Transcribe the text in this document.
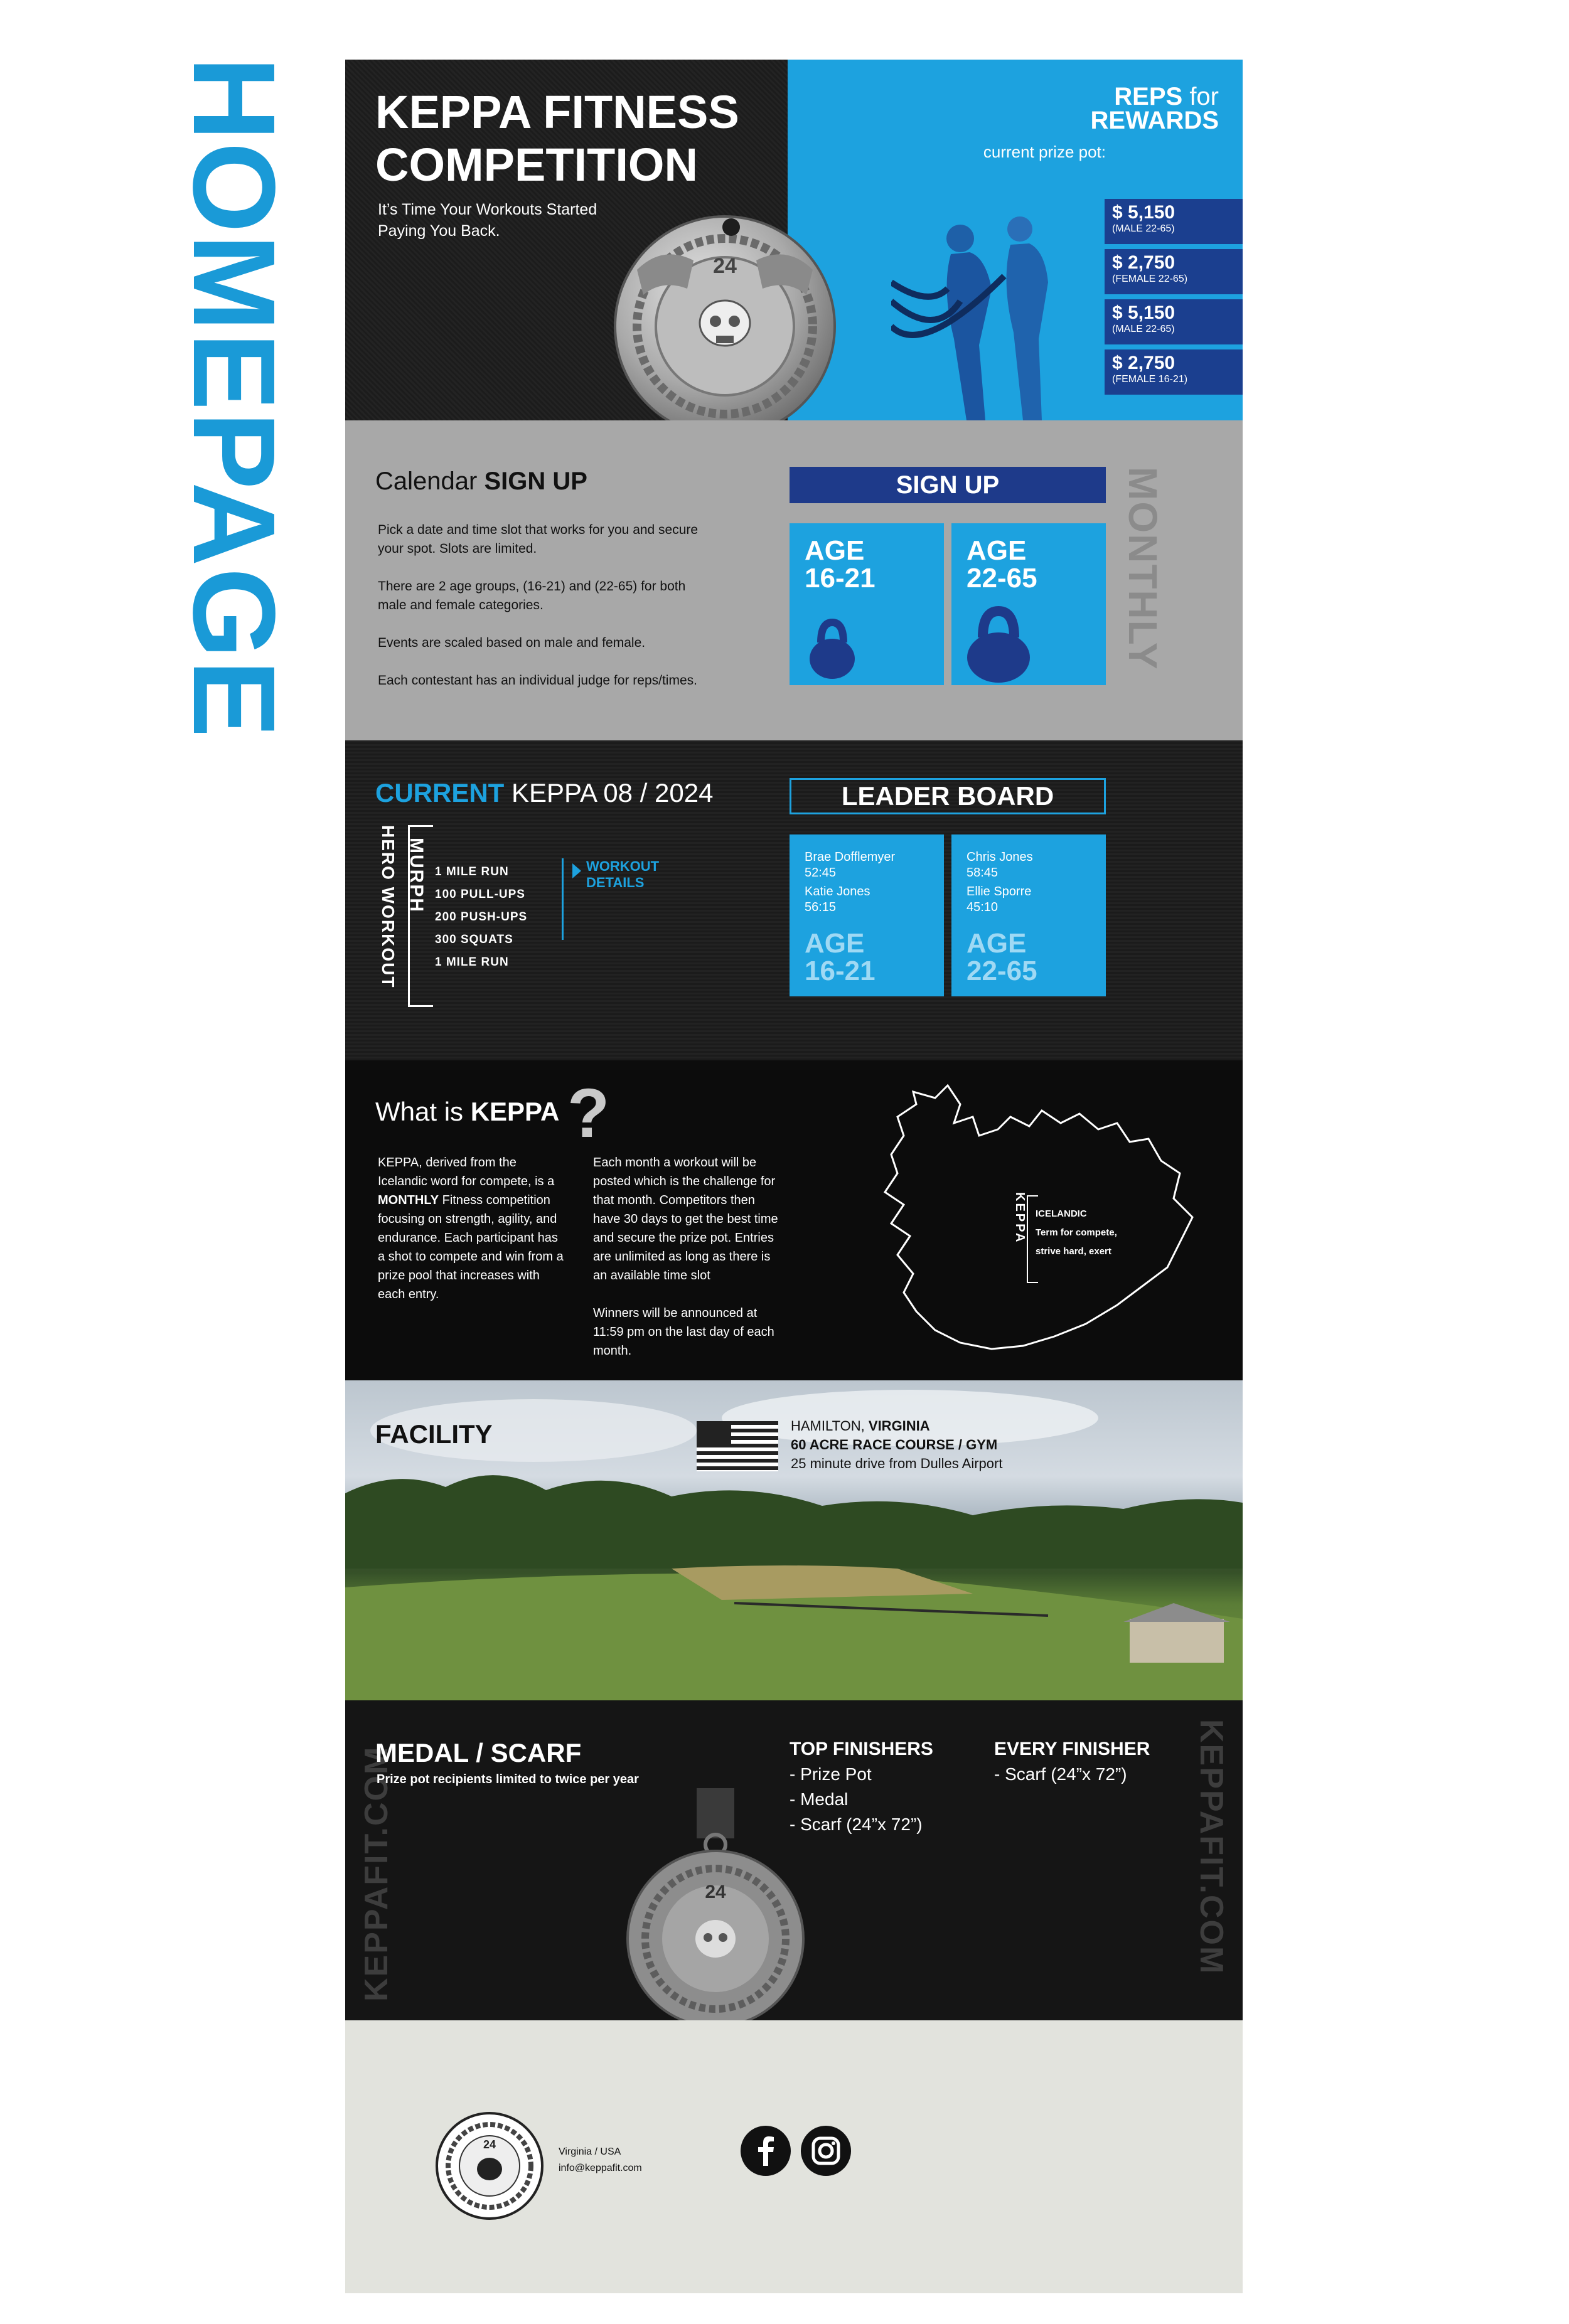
HOMEPAGE KEPPA FITNESS
COMPETITION
It’s Time Your Workouts Started Paying You Back.
24
REPS for
REWARDS
current prize pot:
$ 5,150
(MALE 22-65)
$ 2,750
(FEMALE 22-65)
$ 5,150
(MALE 22-65)
$ 2,750
(FEMALE 16-21)
Calendar SIGN UP

Pick a date and time slot that works for you and secure your spot. Slots are limited.

There are 2 age groups, (16-21) and (22-65) for both male and female categories.

Events are scaled based on male and female.

Each contestant has an individual judge for reps/times.

SIGN UP
AGE
16-21
AGE
22-65	MONTHLY
CURRENT KEPPA 08 / 2024
HERO WORKOUT MURPH 1 MILE RUN
100 PULL-UPS
200 PUSH-UPS
300 SQUATS
1 MILE RUN
WORKOUT
DETAILS
LEADER BOARD
Brae Dofflemyer
52:45
Katie Jones
56:15
AGE
16-21
Chris Jones
58:45
Ellie Sporre
45:10
AGE
22-65
What is KEPPA ?
KEPPA, derived from the Icelandic word for compete, is a MONTHLY Fitness competition focusing on strength, agility, and endurance. Each participant has a shot to compete and win from a prize pool that increases with each entry.

Each month a workout will be posted which is the challenge for that month. Competitors then have 30 days to get the best time and secure the prize pot. Entries are unlimited as long as there is an available time slot

Winners will be announced at 11:59 pm on the last day of each month.

KEPPA ICELANDIC
Term for compete,
strive hard, exert
FACILITY	HAMILTON, VIRGINIA
60 ACRE RACE COURSE / GYM
25 minute drive from Dulles Airport
KEPPAFIT.COM	KEPPAFIT.COM
MEDAL / SCARF
Prize pot recipients limited to twice per year
24
TOP FINISHERS
- Prize Pot
- Medal
- Scarf (24”x 72”)
EVERY FINISHER
- Scarf (24”x 72”)
24
Virginia / USA
info@keppafit.com
